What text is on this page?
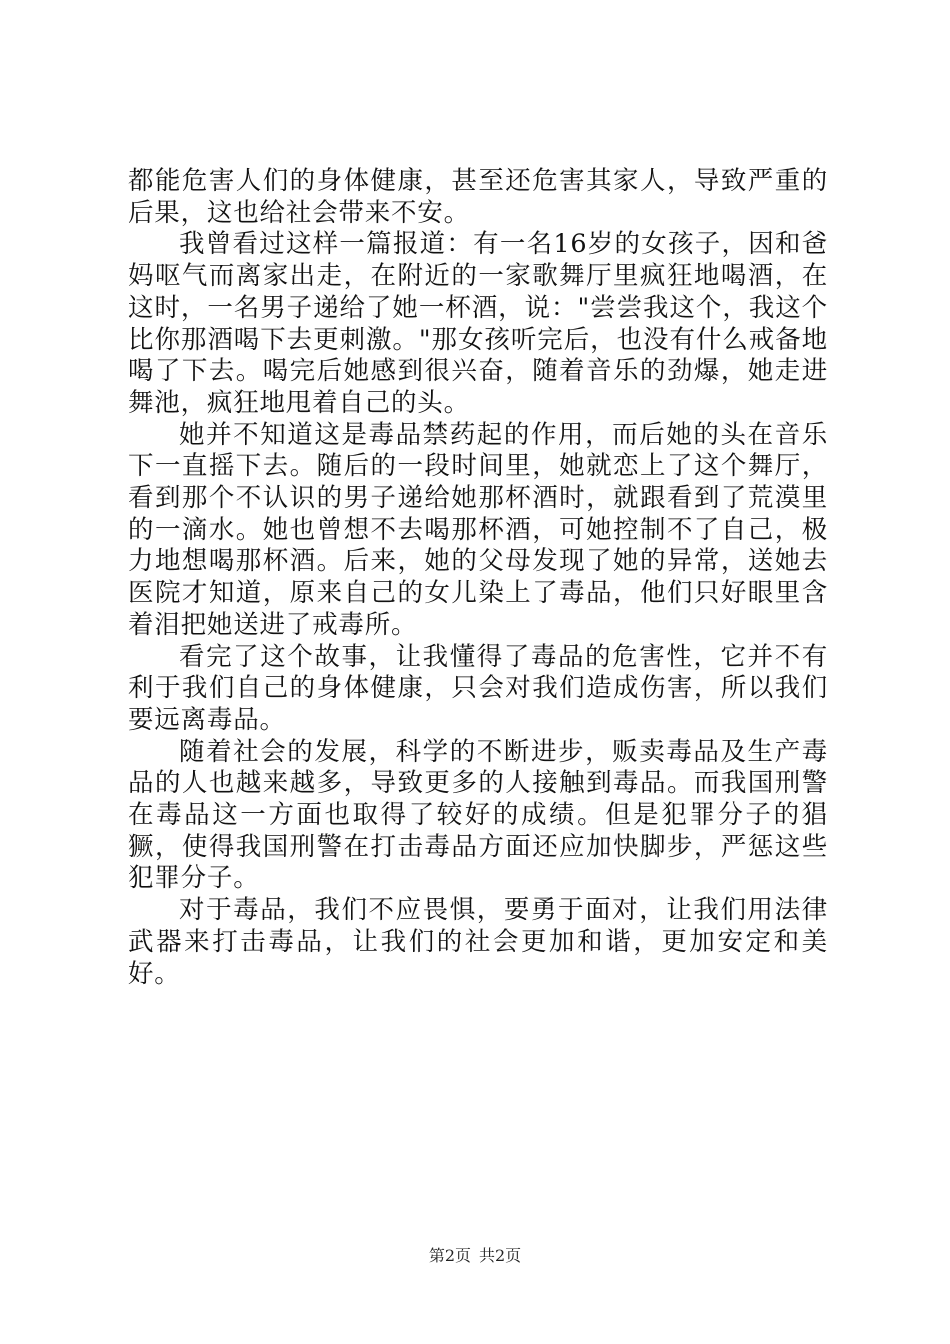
都能危害人们的身体健康，甚至还危害其家人，导致严重的后果，这也给社会带来不安。

我曾看过这样一篇报道：有一名16岁的女孩子，因和爸妈呕气而离家出走，在附近的一家歌舞厅里疯狂地喝酒，在这时，一名男子递给了她一杯酒，说："尝尝我这个，我这个比你那酒喝下去更刺激。"那女孩听完后，也没有什么戒备地喝了下去。喝完后她感到很兴奋，随着音乐的劲爆，她走进舞池，疯狂地甩着自己的头。

她并不知道这是毒品禁药起的作用，而后她的头在音乐下一直摇下去。随后的一段时间里，她就恋上了这个舞厅，看到那个不认识的男子递给她那杯酒时，就跟看到了荒漠里的一滴水。她也曾想不去喝那杯酒，可她控制不了自己，极力地想喝那杯酒。后来，她的父母发现了她的异常，送她去医院才知道，原来自己的女儿染上了毒品，他们只好眼里含着泪把她送进了戒毒所。

看完了这个故事，让我懂得了毒品的危害性，它并不有利于我们自己的身体健康，只会对我们造成伤害，所以我们要远离毒品。

随着社会的发展，科学的不断进步，贩卖毒品及生产毒品的人也越来越多，导致更多的人接触到毒品。而我国刑警在毒品这一方面也取得了较好的成绩。但是犯罪分子的猖獗，使得我国刑警在打击毒品方面还应加快脚步，严惩这些犯罪分子。

对于毒品，我们不应畏惧，要勇于面对，让我们用法律武器来打击毒品，让我们的社会更加和谐，更加安定和美好。

第2页 共2页
